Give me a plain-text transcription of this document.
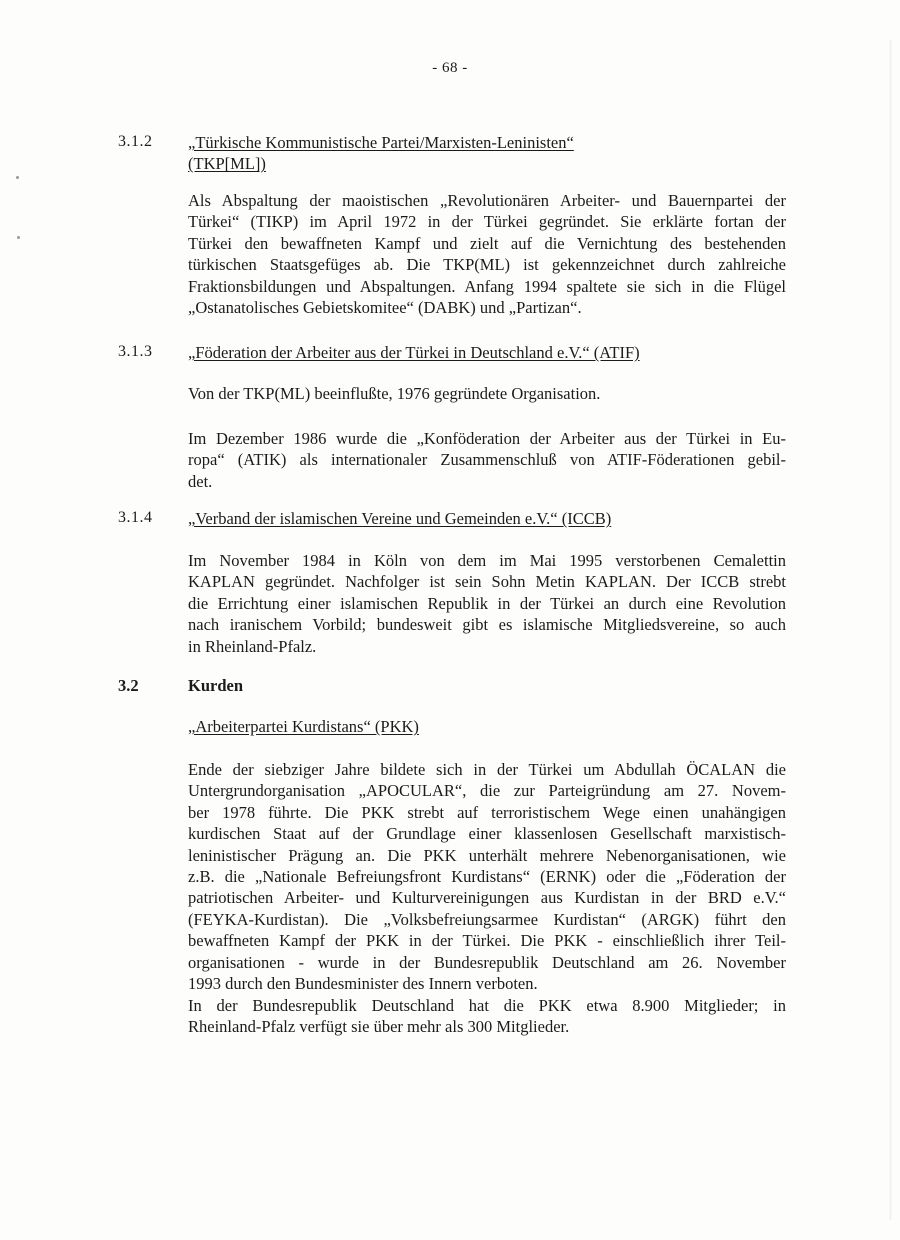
- 68 -
3.1.2 „Türkische Kommunistische Partei/Marxisten-Leninisten“
(TKP[ML])
Als Abspaltung der maoistischen „Revolutionären Arbeiter- und Bauernpartei der
Türkei“ (TIKP) im April 1972 in der Türkei gegründet. Sie erklärte fortan der
Türkei den bewaffneten Kampf und zielt auf die Vernichtung des bestehenden
türkischen Staatsgefüges ab. Die TKP(ML) ist gekennzeichnet durch zahlreiche
Fraktionsbildungen und Abspaltungen. Anfang 1994 spaltete sie sich in die Flügel
„Ostanatolisches Gebietskomitee“ (DABK) und „Partizan“.
3.1.3 „Föderation der Arbeiter aus der Türkei in Deutschland e.V.“ (ATIF)
Von der TKP(ML) beeinflußte, 1976 gegründete Organisation.
Im Dezember 1986 wurde die „Konföderation der Arbeiter aus der Türkei in Eu-
ropa“ (ATIK) als internationaler Zusammenschluß von ATIF-Föderationen gebil-
det.
3.1.4 „Verband der islamischen Vereine und Gemeinden e.V.“ (ICCB)
Im November 1984 in Köln von dem im Mai 1995 verstorbenen Cemalettin
KAPLAN gegründet. Nachfolger ist sein Sohn Metin KAPLAN. Der ICCB strebt
die Errichtung einer islamischen Republik in der Türkei an durch eine Revolution
nach iranischem Vorbild; bundesweit gibt es islamische Mitgliedsvereine, so auch
in Rheinland-Pfalz.
3.2	Kurden
„Arbeiterpartei Kurdistans“ (PKK)
Ende der siebziger Jahre bildete sich in der Türkei um Abdullah ÖCALAN die
Untergrundorganisation „APOCULAR“, die zur Parteigründung am 27. Novem-
ber 1978 führte. Die PKK strebt auf terroristischem Wege einen unahängigen
kurdischen Staat auf der Grundlage einer klassenlosen Gesellschaft marxistisch-
leninistischer Prägung an. Die PKK unterhält mehrere Nebenorganisationen, wie
z.B. die „Nationale Befreiungsfront Kurdistans“ (ERNK) oder die „Föderation der
patriotischen Arbeiter- und Kulturvereinigungen aus Kurdistan in der BRD e.V.“
(FEYKA-Kurdistan). Die „Volksbefreiungsarmee Kurdistan“ (ARGK) führt den
bewaffneten Kampf der PKK in der Türkei. Die PKK - einschließlich ihrer Teil-
organisationen - wurde in der Bundesrepublik Deutschland am 26. November
1993 durch den Bundesminister des Innern verboten.
In der Bundesrepublik Deutschland hat die PKK etwa 8.900 Mitglieder; in
Rheinland-Pfalz verfügt sie über mehr als 300 Mitglieder.
